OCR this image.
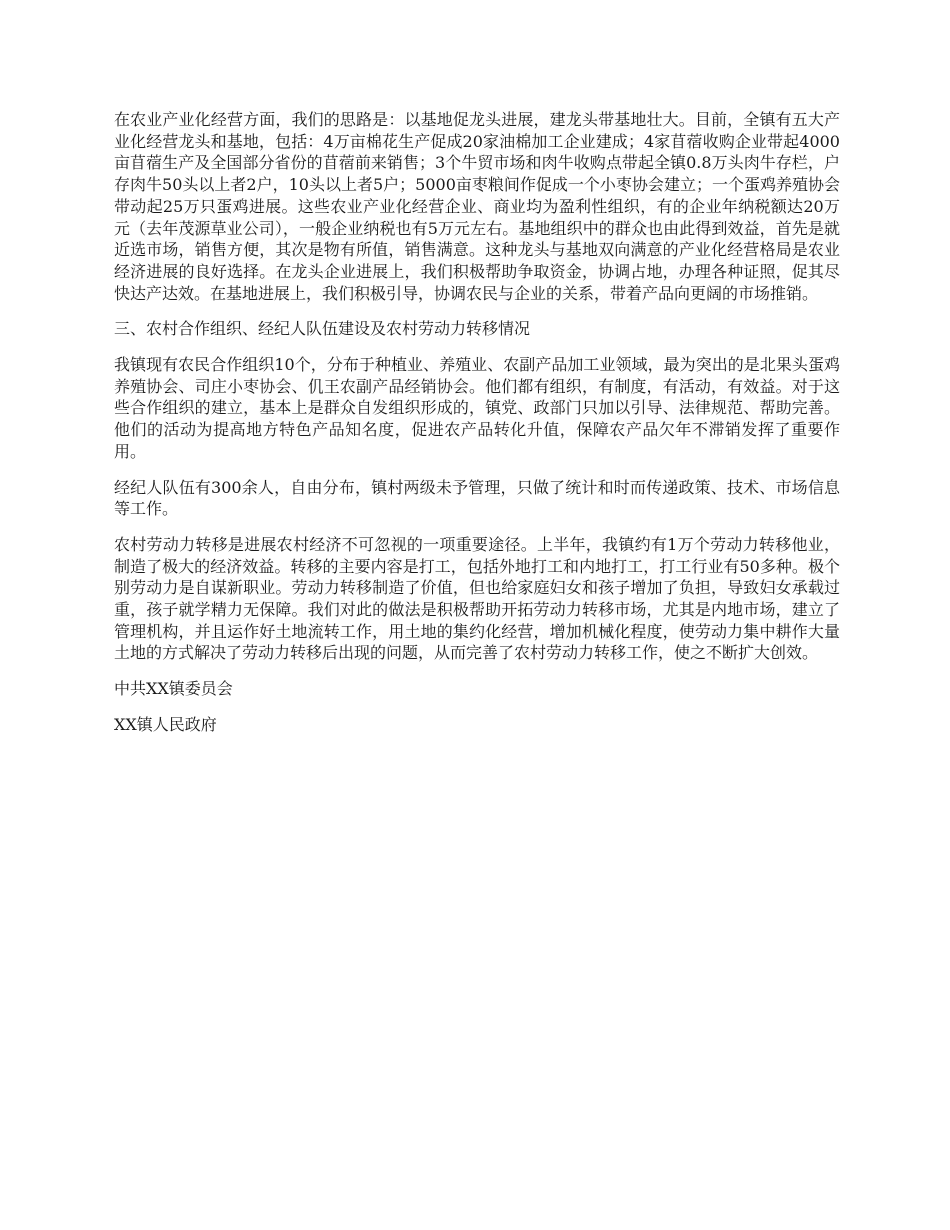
在农业产业化经营方面，我们的思路是：以基地促龙头进展，建龙头带基地壮大。目前，全镇有五大产业化经营龙头和基地，包括：4万亩棉花生产促成20家油棉加工企业建成；4家苜蓿收购企业带起4000亩苜蓿生产及全国部分省份的苜蓿前来销售；3个牛贸市场和肉牛收购点带起全镇0.8万头肉牛存栏，户存肉牛50头以上者2户，10头以上者5户；5000亩枣粮间作促成一个小枣协会建立；一个蛋鸡养殖协会带动起25万只蛋鸡进展。这些农业产业化经营企业、商业均为盈利性组织，有的企业年纳税额达20万元（去年茂源草业公司），一般企业纳税也有5万元左右。基地组织中的群众也由此得到效益，首先是就近选市场，销售方便，其次是物有所值，销售满意。这种龙头与基地双向满意的产业化经营格局是农业经济进展的良好选择。在龙头企业进展上，我们积极帮助争取资金，协调占地，办理各种证照，促其尽快达产达效。在基地进展上，我们积极引导，协调农民与企业的关系，带着产品向更阔的市场推销。

三、农村合作组织、经纪人队伍建设及农村劳动力转移情况

我镇现有农民合作组织10个，分布于种植业、养殖业、农副产品加工业领域，最为突出的是北果头蛋鸡养殖协会、司庄小枣协会、仉王农副产品经销协会。他们都有组织，有制度，有活动，有效益。对于这些合作组织的建立，基本上是群众自发组织形成的，镇党、政部门只加以引导、法律规范、帮助完善。他们的活动为提高地方特色产品知名度，促进农产品转化升值，保障农产品欠年不滞销发挥了重要作用。

经纪人队伍有300余人，自由分布，镇村两级未予管理，只做了统计和时而传递政策、技术、市场信息等工作。

农村劳动力转移是进展农村经济不可忽视的一项重要途径。上半年，我镇约有1万个劳动力转移他业，制造了极大的经济效益。转移的主要内容是打工，包括外地打工和内地打工，打工行业有50多种。极个别劳动力是自谋新职业。劳动力转移制造了价值，但也给家庭妇女和孩子增加了负担，导致妇女承载过重，孩子就学精力无保障。我们对此的做法是积极帮助开拓劳动力转移市场，尤其是内地市场，建立了管理机构，并且运作好土地流转工作，用土地的集约化经营，增加机械化程度，使劳动力集中耕作大量土地的方式解决了劳动力转移后出现的问题，从而完善了农村劳动力转移工作，使之不断扩大创效。

中共XX镇委员会

XX镇人民政府
